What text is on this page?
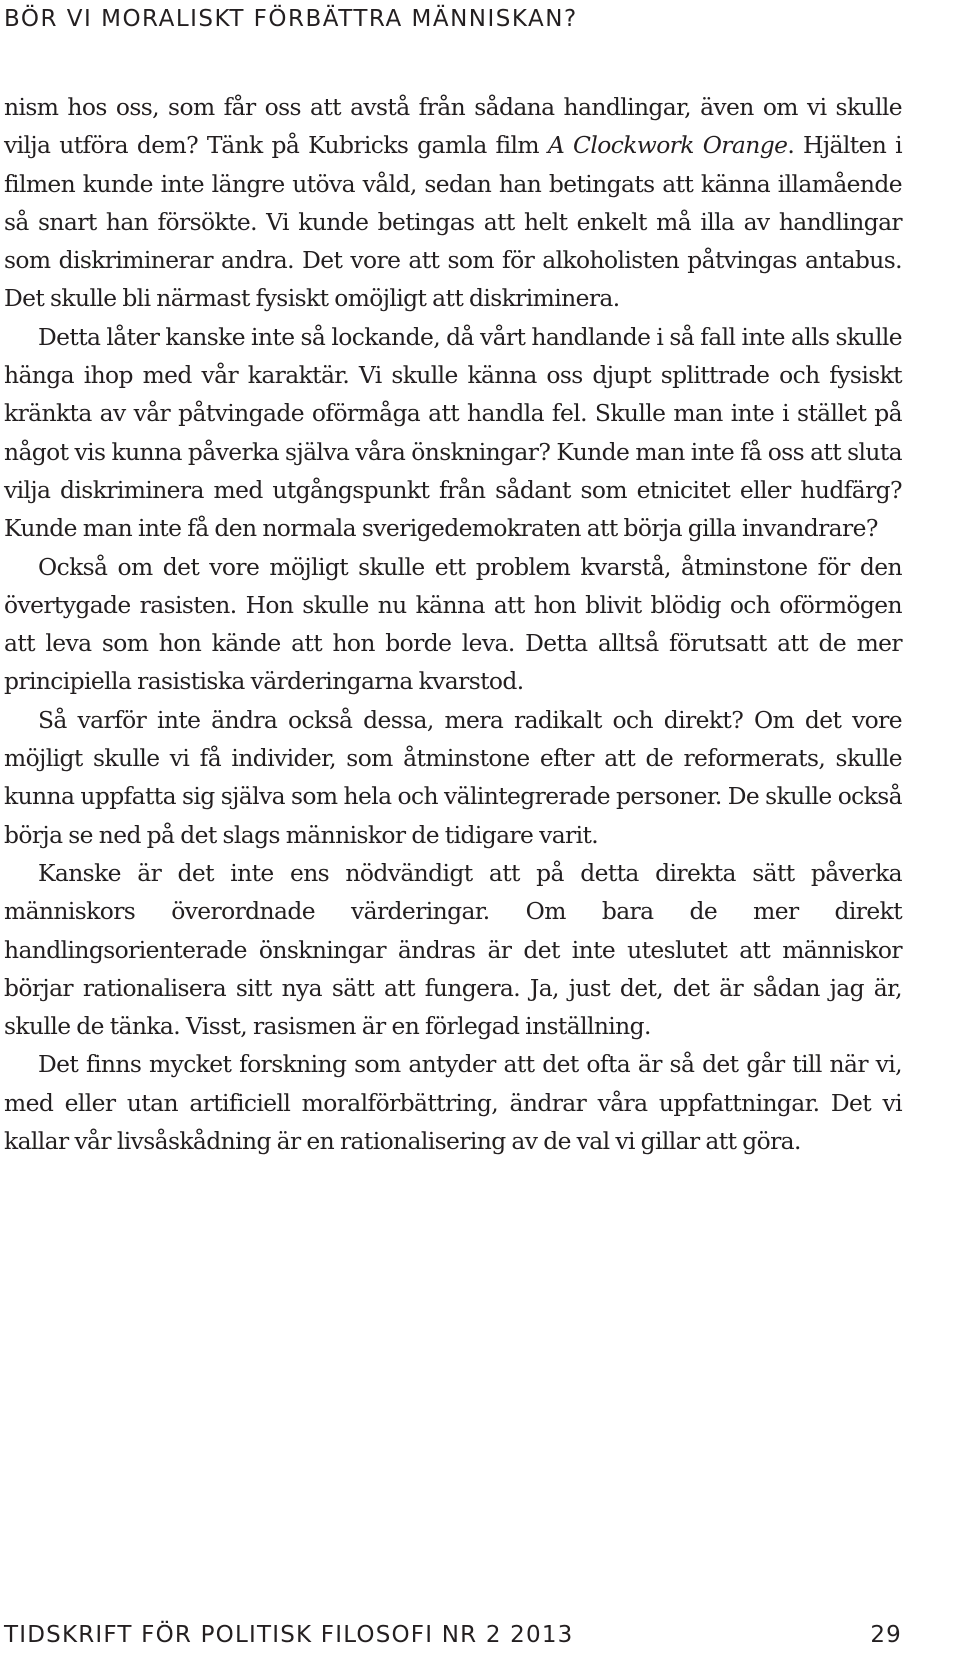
BÖR VI MORALISKT FÖRBÄTTRA MÄNNISKAN?

nism hos oss, som får oss att avstå från sådana handlingar, även om vi skulle vilja utföra dem? Tänk på Kubricks gamla film A Clockwork Orange. Hjälten i filmen kunde inte längre utöva våld, sedan han betingats att känna illamående så snart han försökte. Vi kunde betingas att helt enkelt må illa av handlingar som diskriminerar andra. Det vore att som för alkoholisten påtvingas antabus. Det skulle bli närmast fysiskt omöjligt att diskriminera.

Detta låter kanske inte så lockande, då vårt handlande i så fall inte alls skulle hänga ihop med vår karaktär. Vi skulle känna oss djupt splittrade och fysiskt kränkta av vår påtvingade oförmåga att handla fel. Skulle man inte i stället på något vis kunna påverka själva våra önskningar? Kunde man inte få oss att sluta vilja diskriminera med utgångspunkt från sådant som etnicitet eller hudfärg? Kunde man inte få den normala sverigedemokraten att börja gilla invandrare?

Också om det vore möjligt skulle ett problem kvarstå, åtminstone för den övertygade rasisten. Hon skulle nu känna att hon blivit blödig och oförmögen att leva som hon kände att hon borde leva. Detta alltså förutsatt att de mer principiella rasistiska värderingarna kvarstod.

Så varför inte ändra också dessa, mera radikalt och direkt? Om det vore möjligt skulle vi få individer, som åtminstone efter att de reformerats, skulle kunna uppfatta sig själva som hela och välintegrerade personer. De skulle också börja se ned på det slags människor de tidigare varit.

Kanske är det inte ens nödvändigt att på detta direkta sätt påverka människors överordnade värderingar. Om bara de mer direkt handlingsorienterade önskningar ändras är det inte uteslutet att människor börjar rationalisera sitt nya sätt att fungera. Ja, just det, det är sådan jag är, skulle de tänka. Visst, rasismen är en förlegad inställning.

Det finns mycket forskning som antyder att det ofta är så det går till när vi, med eller utan artificiell moralförbättring, ändrar våra uppfattningar. Det vi kallar vår livsåskådning är en rationalisering av de val vi gillar att göra.

TIDSKRIFT FÖR POLITISK FILOSOFI NR 2 2013	29
